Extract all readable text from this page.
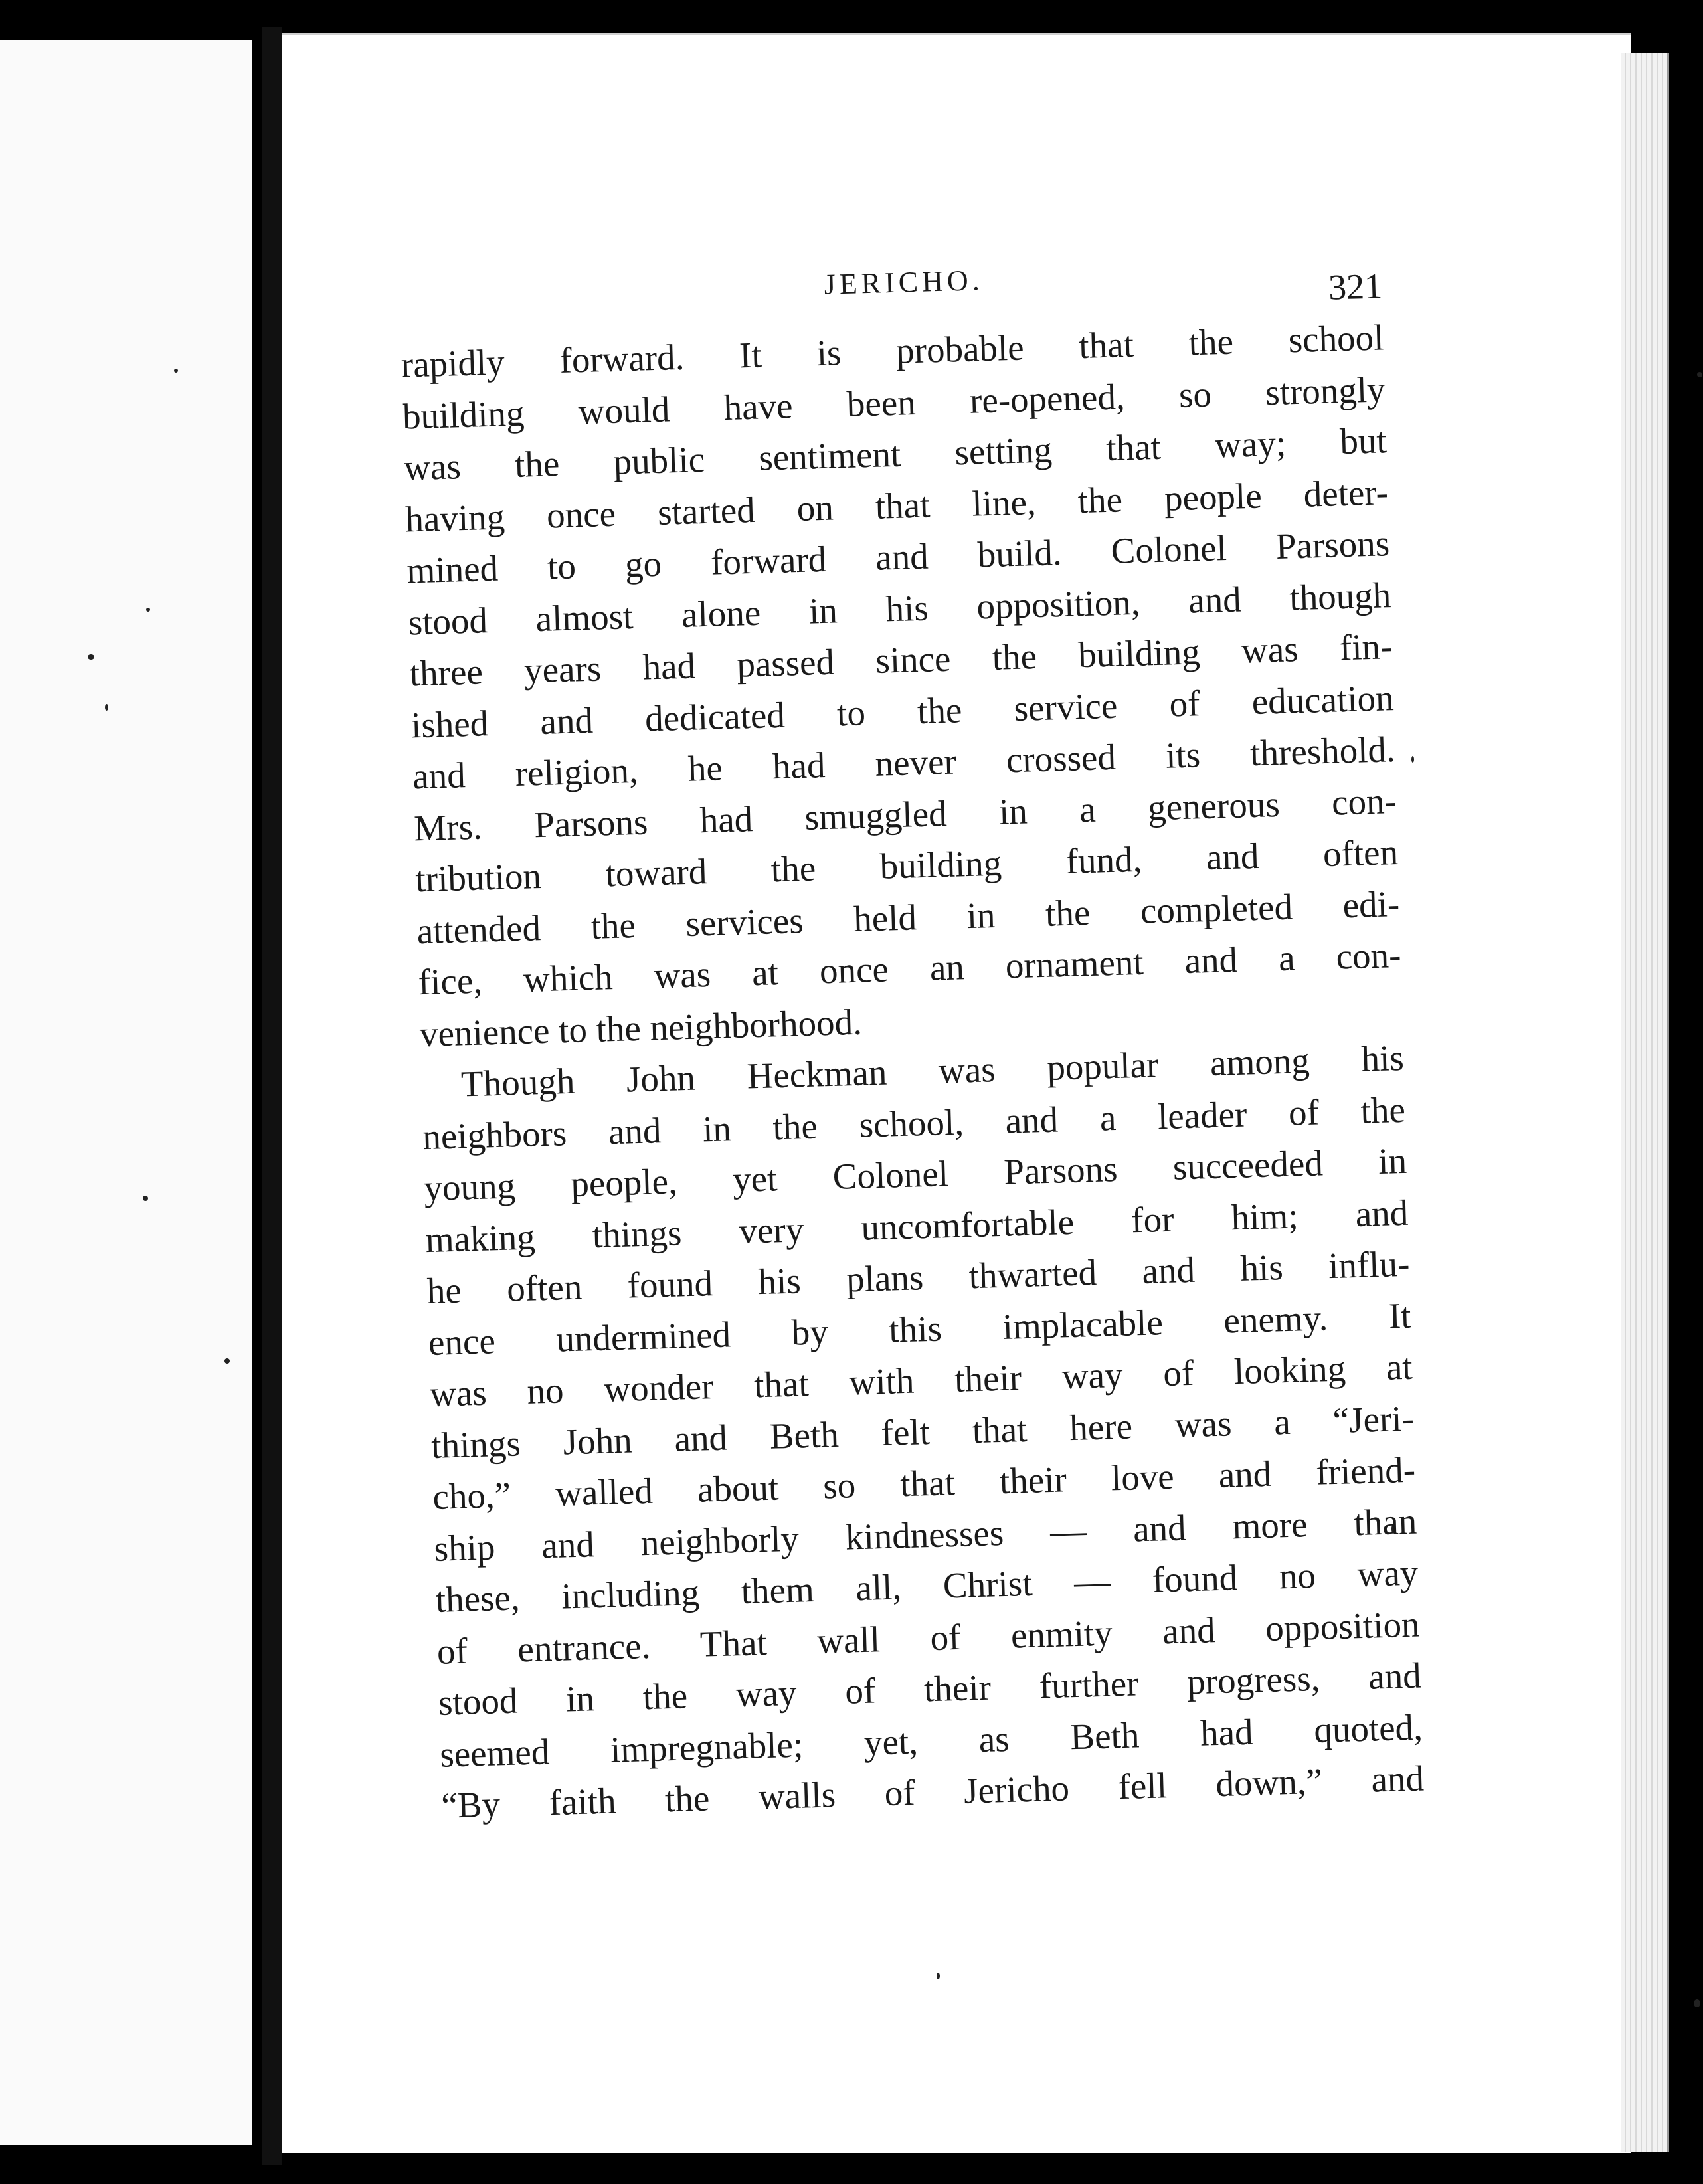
JERICHO.	321
rapidly forward. It is probable that the school
building would have been re-opened, so strongly
was the public sentiment setting that way; but
having once started on that line, the people deter-
mined to go forward and build. Colonel Parsons
stood almost alone in his opposition, and though
three years had passed since the building was fin-
ished and dedicated to the service of education
and religion, he had never crossed its threshold.
Mrs. Parsons had smuggled in a generous con-
tribution toward the building fund, and often
attended the services held in the completed edi-
fice, which was at once an ornament and a con-
venience to the neighborhood.
Though John Heckman was popular among his
neighbors and in the school, and a leader of the
young people, yet Colonel Parsons succeeded in
making things very uncomfortable for him; and
he often found his plans thwarted and his influ-
ence undermined by this implacable enemy. It
was no wonder that with their way of looking at
things John and Beth felt that here was a “Jeri-
cho,” walled about so that their love and friend-
ship and neighborly kindnesses — and more than
these, including them all, Christ — found no way
of entrance. That wall of enmity and opposition
stood in the way of their further progress, and
seemed impregnable; yet, as Beth had quoted,
“By faith the walls of Jericho fell down,” and
